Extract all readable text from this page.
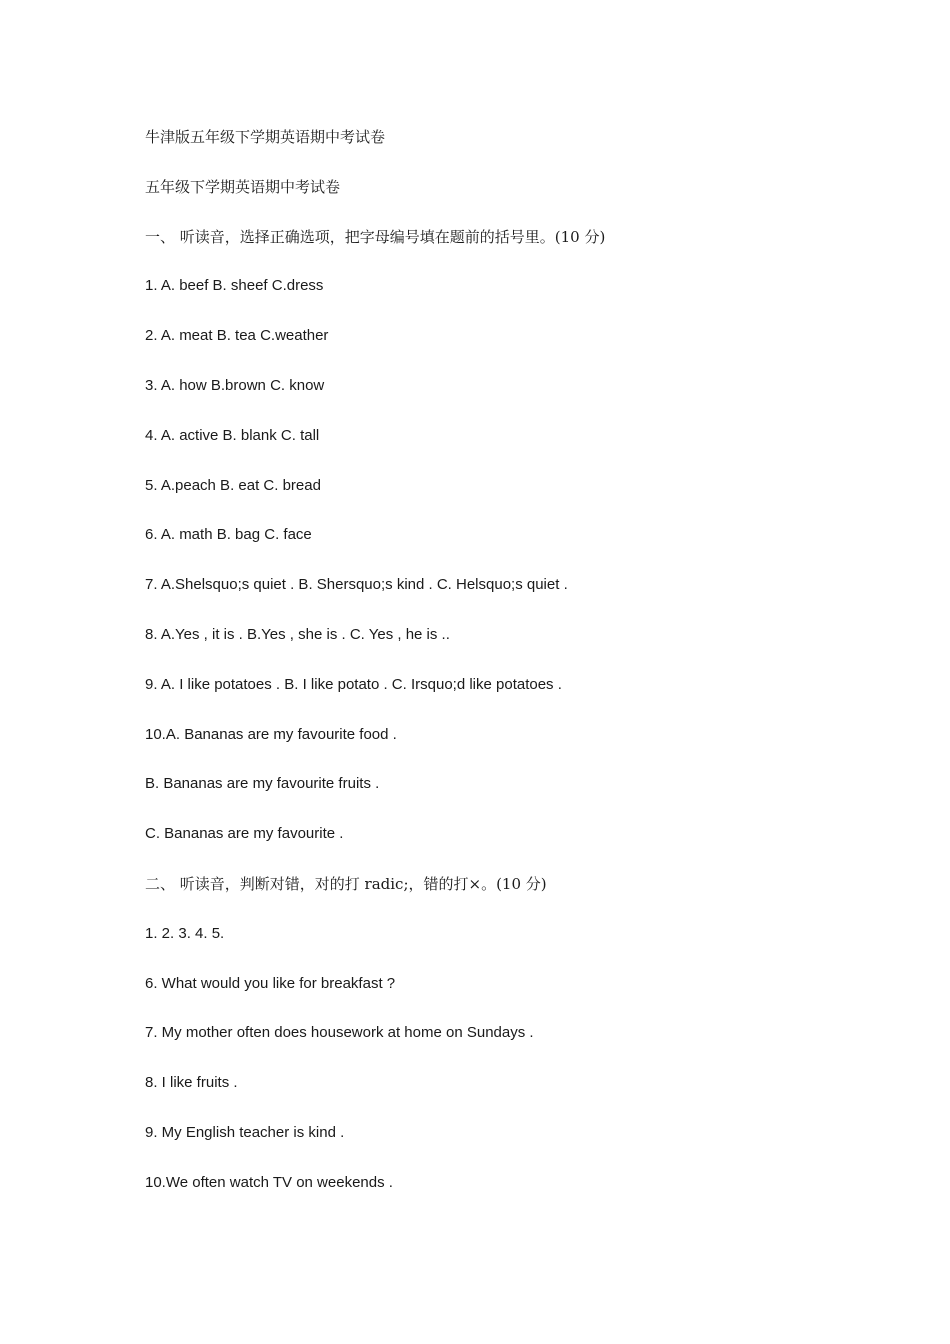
牛津版五年级下学期英语期中考试卷
五年级下学期英语期中考试卷
一、 听读音，选择正确选项，把字母编号填在题前的括号里。(10 分)
1. A. beef B. sheef C.dress
2. A. meat B. tea C.weather
3. A. how B.brown C. know
4. A. active B. blank C. tall
5. A.peach B. eat C. bread
6. A. math B. bag C. face
7. A.Shelsquo;s quiet . B. Shersquo;s kind . C. Helsquo;s quiet .
8. A.Yes , it is . B.Yes , she is . C. Yes , he is ..
9. A. I like potatoes . B. I like potato . C. Irsquo;d like potatoes .
10.A. Bananas are my favourite food .
B. Bananas are my favourite fruits .
C. Bananas are my favourite .
二、 听读音，判断对错，对的打 radic;，错的打×。(10 分)
1. 2. 3. 4. 5.
6. What would you like for breakfast ?
7. My mother often does housework at home on Sundays .
8. I like fruits .
9. My English teacher is kind .
10.We often watch TV on weekends .
